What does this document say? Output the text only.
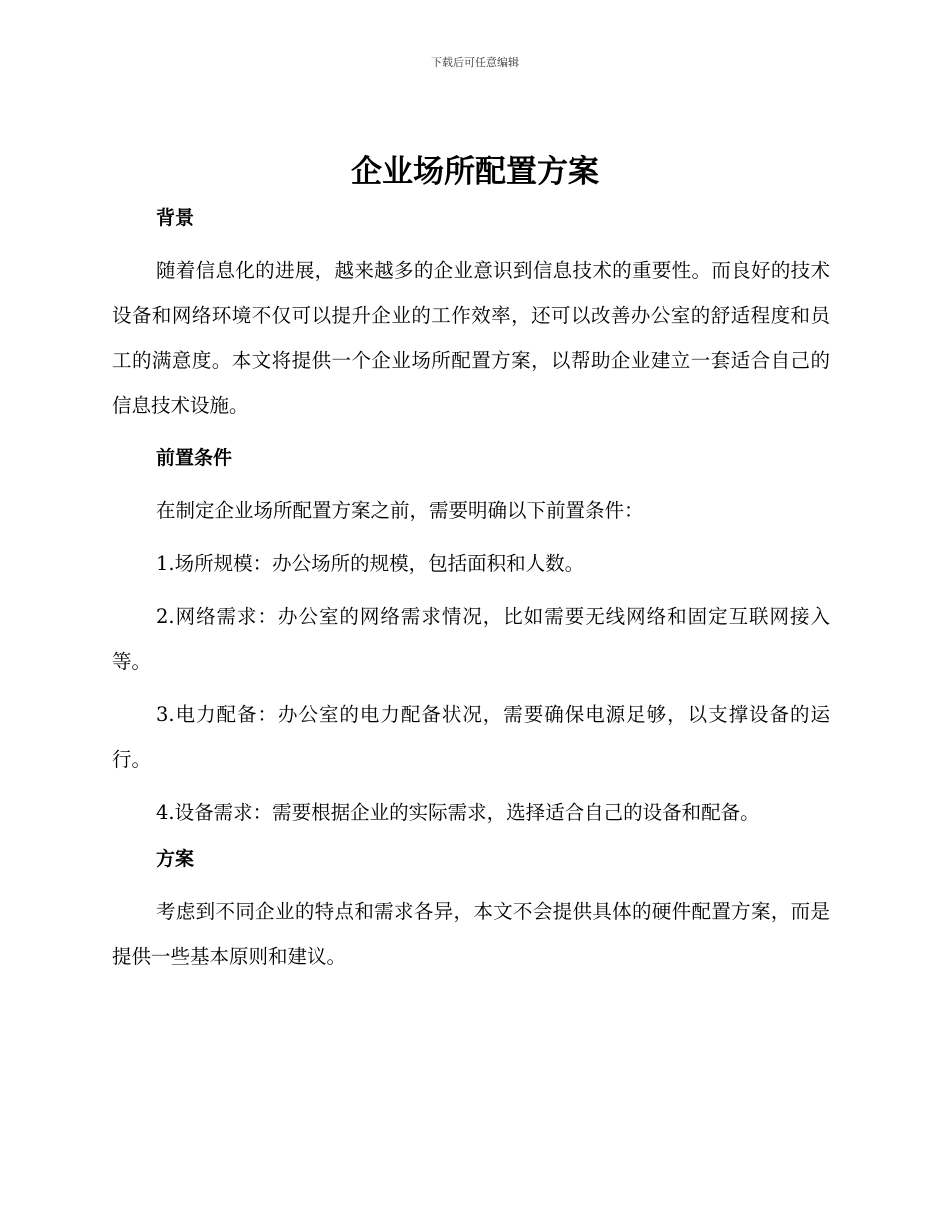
下载后可任意编辑
企业场所配置方案
背景

随着信息化的进展，越来越多的企业意识到信息技术的重要性。而良好的技术设备和网络环境不仅可以提升企业的工作效率，还可以改善办公室的舒适程度和员工的满意度。本文将提供一个企业场所配置方案，以帮助企业建立一套适合自己的信息技术设施。

前置条件

在制定企业场所配置方案之前，需要明确以下前置条件：

1.场所规模：办公场所的规模，包括面积和人数。

2.网络需求：办公室的网络需求情况，比如需要无线网络和固定互联网接入等。

3.电力配备：办公室的电力配备状况，需要确保电源足够，以支撑设备的运行。

4.设备需求：需要根据企业的实际需求，选择适合自己的设备和配备。

方案

考虑到不同企业的特点和需求各异，本文不会提供具体的硬件配置方案，而是提供一些基本原则和建议。
